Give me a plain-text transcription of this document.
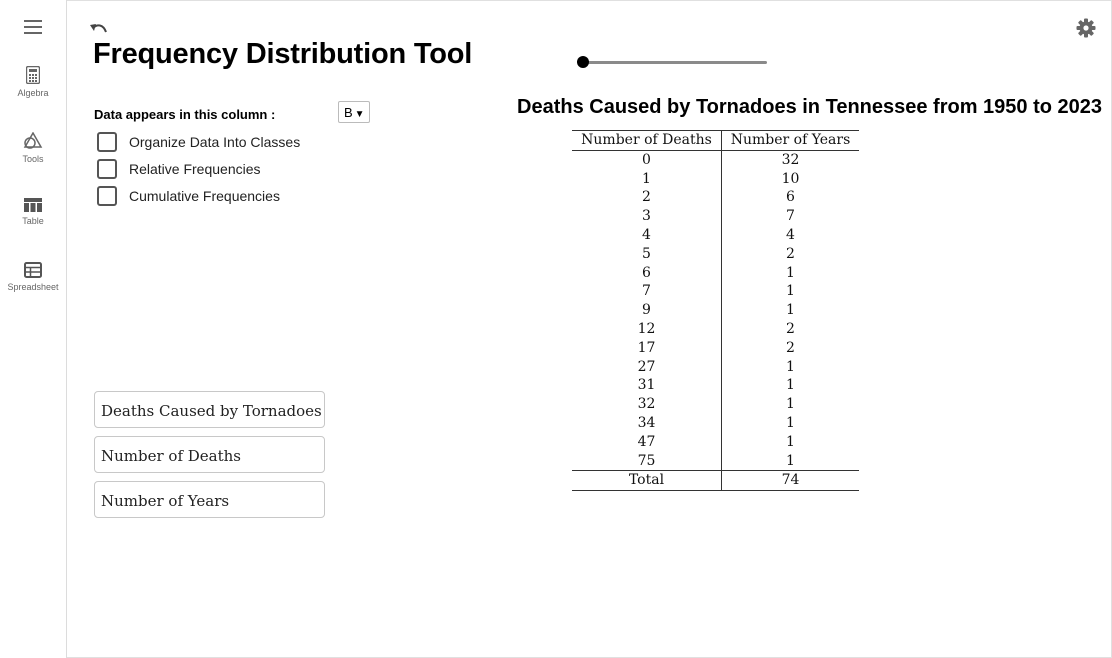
Algebra
Tools
Table
Spreadsheet
Frequency Distribution Tool
Data appears in this column :	B ▼
Organize Data Into Classes
Relative Frequencies
Cumulative Frequencies
Deaths Caused by Tornadoes
Number of Deaths
Number of Years
Deaths Caused by Tornadoes in Tennessee from 1950 to 2023
Number of Deaths	Number of Years
0	32
1	10
2	6
3	7
4	4
5	2
6	1
7	1
9	1
12	2
17	2
27	1
31	1
32	1
34	1
47	1
75	1
Total	74
